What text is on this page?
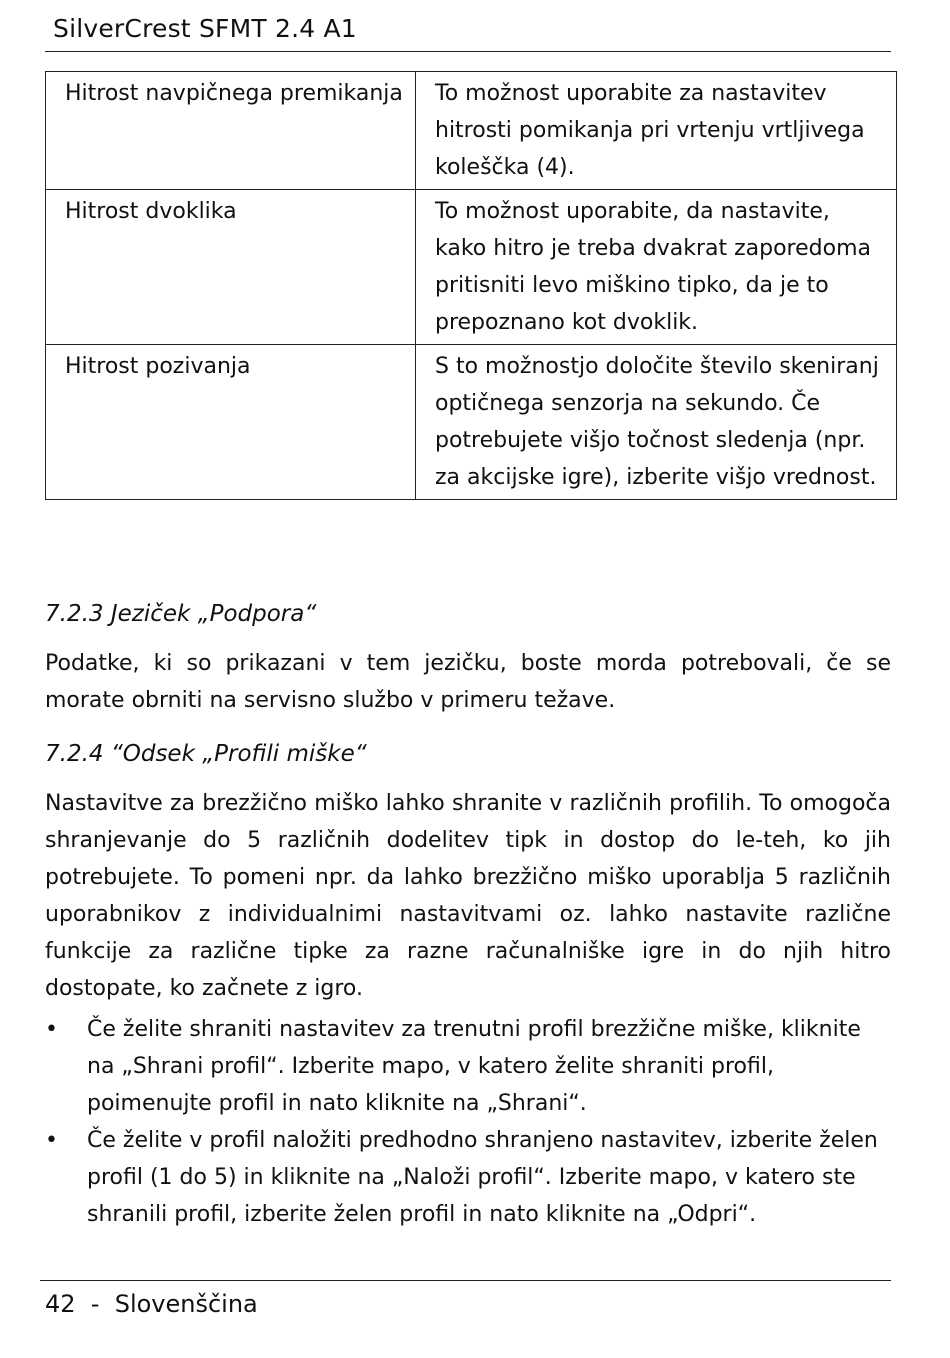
SilverCrest SFMT 2.4 A1
Hitrost navpičnega premikanja	To možnost uporabite za nastavitev hitrosti pomikanja pri vrtenju vrtljivega koleščka (4).
Hitrost dvoklika	To možnost uporabite, da nastavite, kako hitro je treba dvakrat zaporedoma pritisniti levo miškino tipko, da je to prepoznano kot dvoklik.
Hitrost pozivanja	S to možnostjo določite število skeniranj optičnega senzorja na sekundo. Če potrebujete višjo točnost sledenja (npr. za akcijske igre), izberite višjo vrednost.
7.2.3 Jeziček „Podpora“
Podatke, ki so prikazani v tem jezičku, boste morda potrebovali, če se morate obrniti na servisno službo v primeru težave.
7.2.4 “Odsek „Profili miške“
Nastavitve za brezžično miško lahko shranite v različnih profilih. To omogoča shranjevanje do 5 različnih dodelitev tipk in dostop do le-teh, ko jih potrebujete. To pomeni npr. da lahko brezžično miško uporablja 5 različnih uporabnikov z individualnimi nastavitvami oz. lahko nastavite različne funkcije za različne tipke za razne računalniške igre in do njih hitro dostopate, ko začnete z igro.
•	Če želite shraniti nastavitev za trenutni profil brezžične miške, kliknite na „Shrani profil“. Izberite mapo, v katero želite shraniti profil, poimenujte profil in nato kliknite na „Shrani“.
•	Če želite v profil naložiti predhodno shranjeno nastavitev, izberite želen profil (1 do 5) in kliknite na „Naloži profil“. Izberite mapo, v katero ste shranili profil, izberite želen profil in nato kliknite na „Odpri“.
42  -  Slovenščina
